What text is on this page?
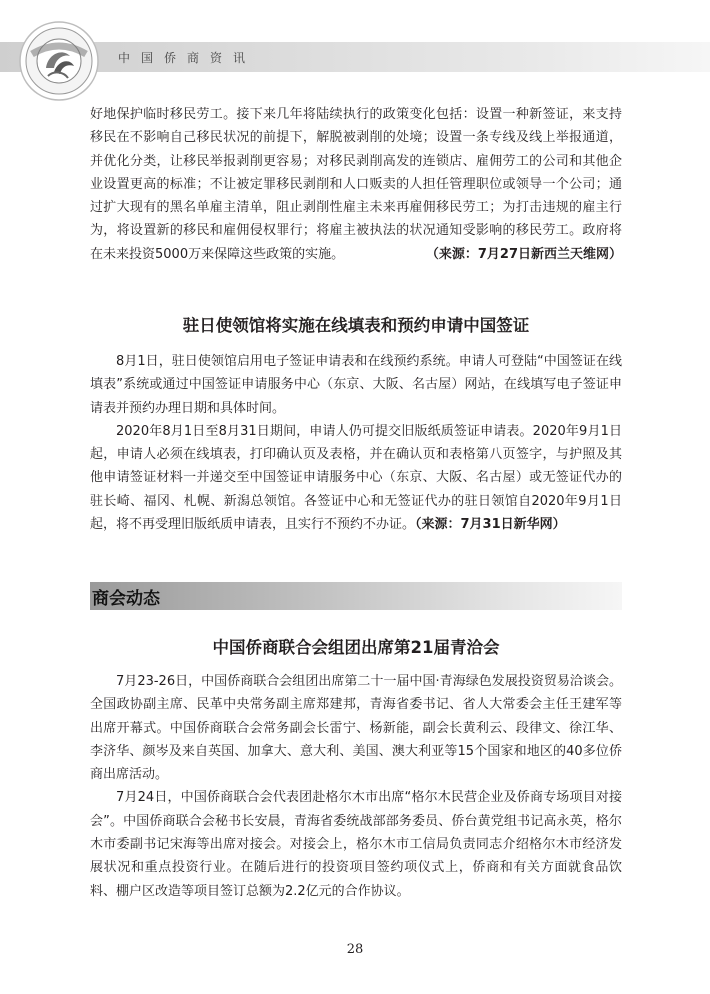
中国侨商资讯

好地保护临时移民劳工。接下来几年将陆续执行的政策变化包括：设置一种新签证，来支持移民在不影响自己移民状况的前提下，解脱被剥削的处境；设置一条专线及线上举报通道，并优化分类，让移民举报剥削更容易；对移民剥削高发的连锁店、雇佣劳工的公司和其他企业设置更高的标准；不让被定罪移民剥削和人口贩卖的人担任管理职位或领导一个公司；通过扩大现有的黑名单雇主清单，阻止剥削性雇主未来再雇佣移民劳工；为打击违规的雇主行为，将设置新的移民和雇佣侵权罪行；将雇主被执法的状况通知受影响的移民劳工。政府将在未来投资5000万来保障这些政策的实施。	（来源：7月27日新西兰天维网）

驻日使领馆将实施在线填表和预约申请中国签证

8月1日，驻日使领馆启用电子签证申请表和在线预约系统。申请人可登陆“中国签证在线填表”系统或通过中国签证申请服务中心（东京、大阪、名古屋）网站，在线填写电子签证申请表并预约办理日期和具体时间。

2020年8月1日至8月31日期间，申请人仍可提交旧版纸质签证申请表。2020年9月1日起，申请人必须在线填表，打印确认页及表格，并在确认页和表格第八页签字，与护照及其他申请签证材料一并递交至中国签证申请服务中心（东京、大阪、名古屋）或无签证代办的驻长崎、福冈、札幌、新潟总领馆。各签证中心和无签证代办的驻日领馆自2020年9月1日起，将不再受理旧版纸质申请表，且实行不预约不办证。（来源：7月31日新华网）

商会动态
中国侨商联合会组团出席第21届青洽会

7月23-26日，中国侨商联合会组团出席第二十一届中国·青海绿色发展投资贸易洽谈会。全国政协副主席、民革中央常务副主席郑建邦，青海省委书记、省人大常委会主任王建军等出席开幕式。中国侨商联合会常务副会长雷宁、杨新能，副会长黄利云、段律文、徐江华、李济华、颜岑及来自英国、加拿大、意大利、美国、澳大利亚等15个国家和地区的40多位侨商出席活动。

7月24日，中国侨商联合会代表团赴格尔木市出席“格尔木民营企业及侨商专场项目对接会”。中国侨商联合会秘书长安晨，青海省委统战部部务委员、侨台黄党组书记高永英，格尔木市委副书记宋海等出席对接会。对接会上，格尔木市工信局负责同志介绍格尔木市经济发展状况和重点投资行业。在随后进行的投资项目签约项仪式上，侨商和有关方面就食品饮料、棚户区改造等项目签订总额为2.2亿元的合作协议。

28
